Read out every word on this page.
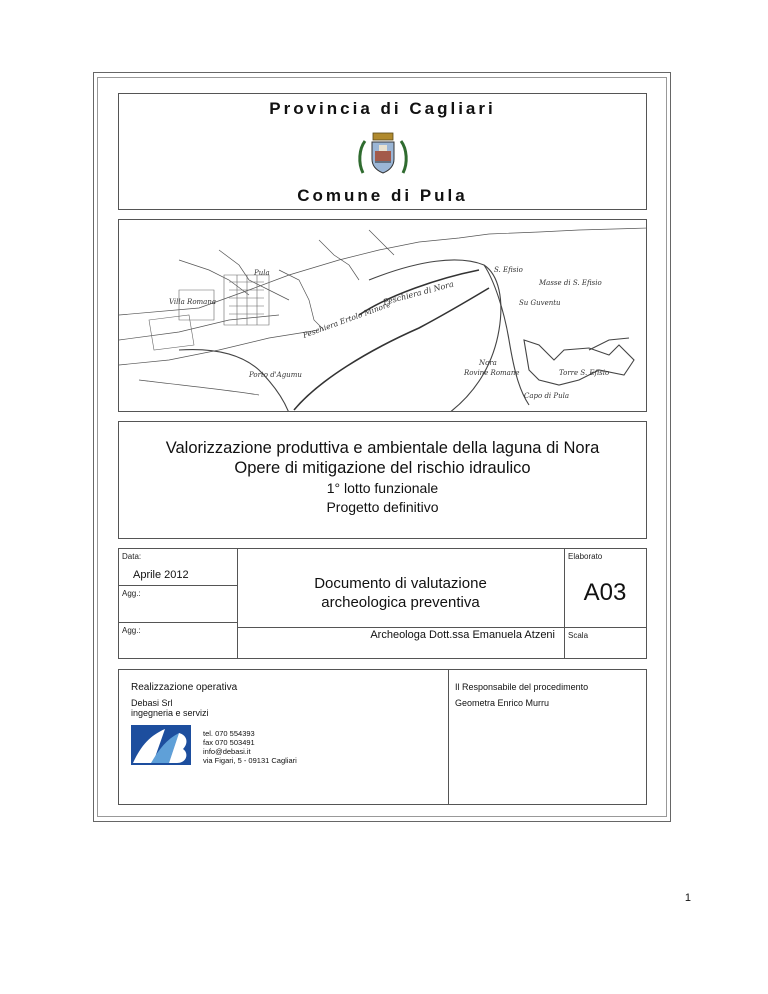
Provincia di Cagliari
Comune di Pula
Pula
Villa Romana	Peschiera di Nora
S. Efisio
Masse di S. Efisio
Su Guventu
Nora
Rovine Romane	Torre S. Efisio
Capo di Pula
Porto d'Agumu
Peschiera Ertolo Minore
Valorizzazione produttiva e ambientale della laguna di Nora
Opere di mitigazione del rischio idraulico
1° lotto funzionale
Progetto definitivo
Data:
Aprile 2012
Agg.:
Agg.:
Documento di valutazione
archeologica preventiva
Archeologa Dott.ssa Emanuela Atzeni
Elaborato
A03
Scala
Realizzazione operativa
Debasi Srl
ingegneria e servizi
tel. 070 554393
fax 070 503491
info@debasi.it
via Figari, 5 - 09131 Cagliari
Il Responsabile del procedimento
Geometra Enrico Murru
1
